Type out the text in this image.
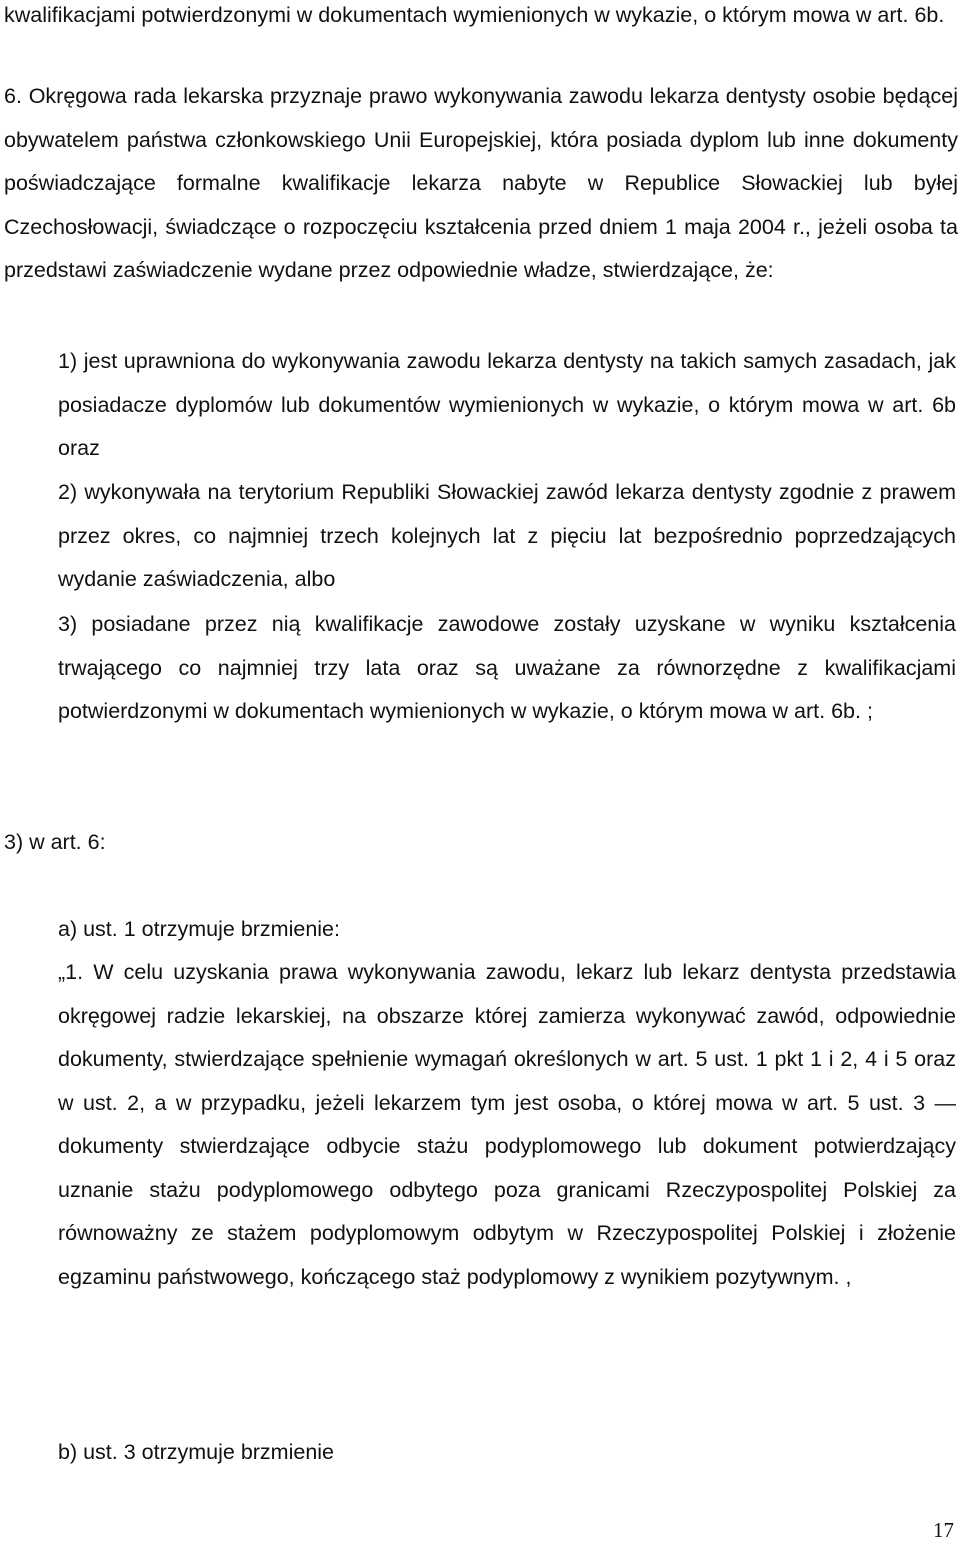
kwalifikacjami potwierdzonymi w dokumentach wymienionych w wykazie, o którym mowa w art. 6b.

6. Okręgowa rada lekarska przyznaje prawo wykonywania zawodu lekarza dentysty osobie będącej obywatelem państwa członkowskiego Unii Europejskiej, która posiada dyplom lub inne dokumenty poświadczające formalne kwalifikacje lekarza nabyte w Republice Słowackiej lub byłej Czechosłowacji, świadczące o rozpoczęciu kształcenia przed dniem 1 maja 2004 r., jeżeli osoba ta przedstawi zaświadczenie wydane przez odpowiednie władze, stwierdzające, że:

1) jest uprawniona do wykonywania zawodu lekarza dentysty na takich samych zasadach, jak posiadacze dyplomów lub dokumentów wymienionych w wykazie, o którym mowa w art. 6b oraz

2) wykonywała na terytorium Republiki Słowackiej zawód lekarza dentysty zgodnie z prawem przez okres, co najmniej trzech kolejnych lat z pięciu lat bezpośrednio poprzedzających wydanie zaświadczenia, albo

3) posiadane przez nią kwalifikacje zawodowe zostały uzyskane w wyniku kształcenia trwającego co najmniej trzy lata oraz są uważane za równorzędne z kwalifikacjami potwierdzonymi w dokumentach wymienionych w wykazie, o którym mowa w art. 6b. ;

3) w art. 6:

a) ust. 1 otrzymuje brzmienie:

„1. W celu uzyskania prawa wykonywania zawodu, lekarz lub lekarz dentysta przedstawia okręgowej radzie lekarskiej, na obszarze której zamierza wykonywać zawód, odpowiednie dokumenty, stwierdzające spełnienie wymagań określonych w art. 5 ust. 1 pkt 1 i 2, 4 i 5 oraz w ust. 2, a w przypadku, jeżeli lekarzem tym jest osoba, o której mowa w art. 5 ust. 3 — dokumenty stwierdzające odbycie stażu podyplomowego lub dokument potwierdzający uznanie stażu podyplomowego odbytego poza granicami Rzeczypospolitej Polskiej za równoważny ze stażem podyplomowym odbytym w Rzeczypospolitej Polskiej i złożenie egzaminu państwowego, kończącego staż podyplomowy z wynikiem pozytywnym. ,

b) ust. 3 otrzymuje brzmienie

17
